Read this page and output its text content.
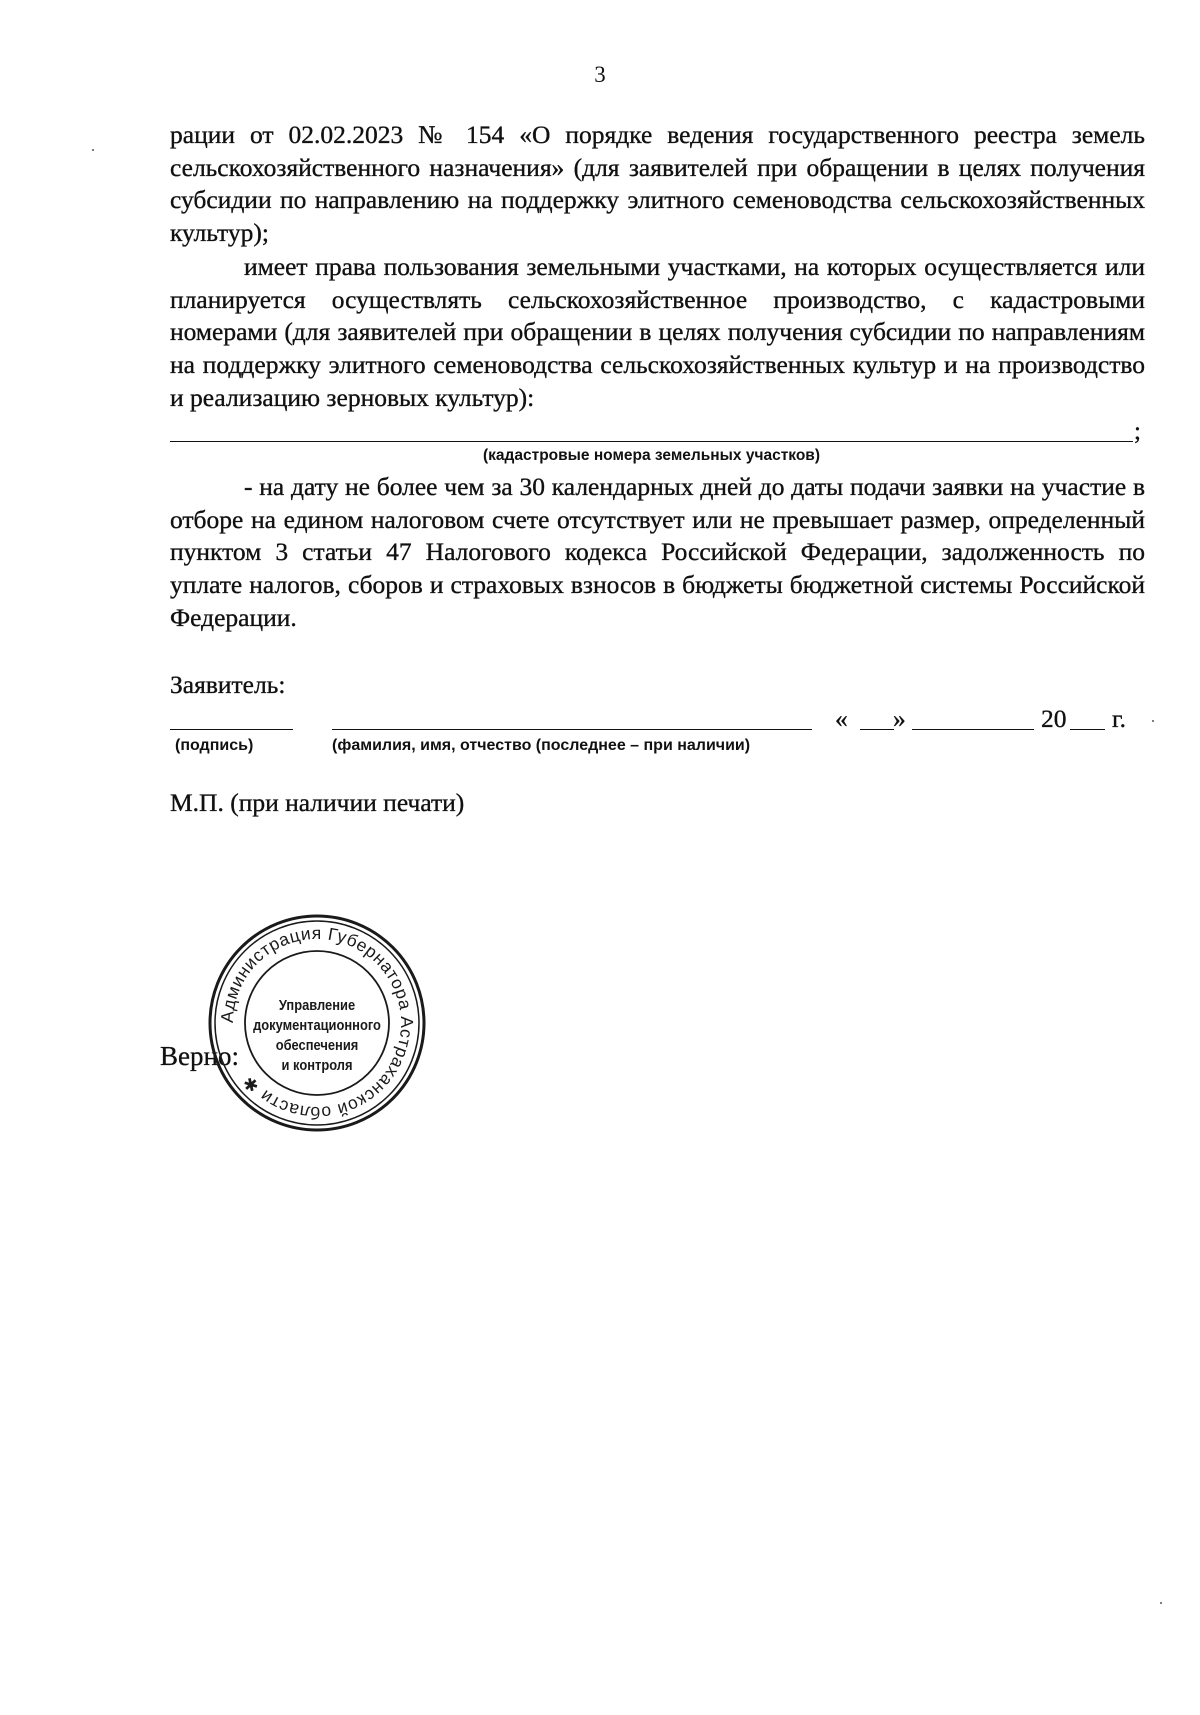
3
рации от 02.02.2023 № 154 «О порядке ведения государственного реестра земель сельскохозяйственного назначения» (для заявителей при обращении в целях получения субсидии по направлению на поддержку элитного семеноводства сельскохозяйственных культур);
имеет права пользования земельными участками, на которых осуществляется или планируется осуществлять сельскохозяйственное производство, с кадастровыми номерами (для заявителей при обращении в целях получения субсидии по направлениям на поддержку элитного семеноводства сельскохозяйственных культур и на производство и реализацию зерновых культур):
;
(кадастровые номера земельных участков)
- на дату не более чем за 30 календарных дней до даты подачи заявки на участие в отборе на едином налоговом счете отсутствует или не превышает размер, определенный пунктом 3 статьи 47 Налогового кодекса Российской Федерации, задолженность по уплате налогов, сборов и страховых взносов в бюджеты бюджетной системы Российской Федерации.
Заявитель:
« »	20 г.
(подпись)	(фамилия, имя, отчество (последнее – при наличии)
М.П. (при наличии печати)
Верно:
Администрация Губернатора Астраханской области ✱
Управление
документационного
обеспечения
и контроля
